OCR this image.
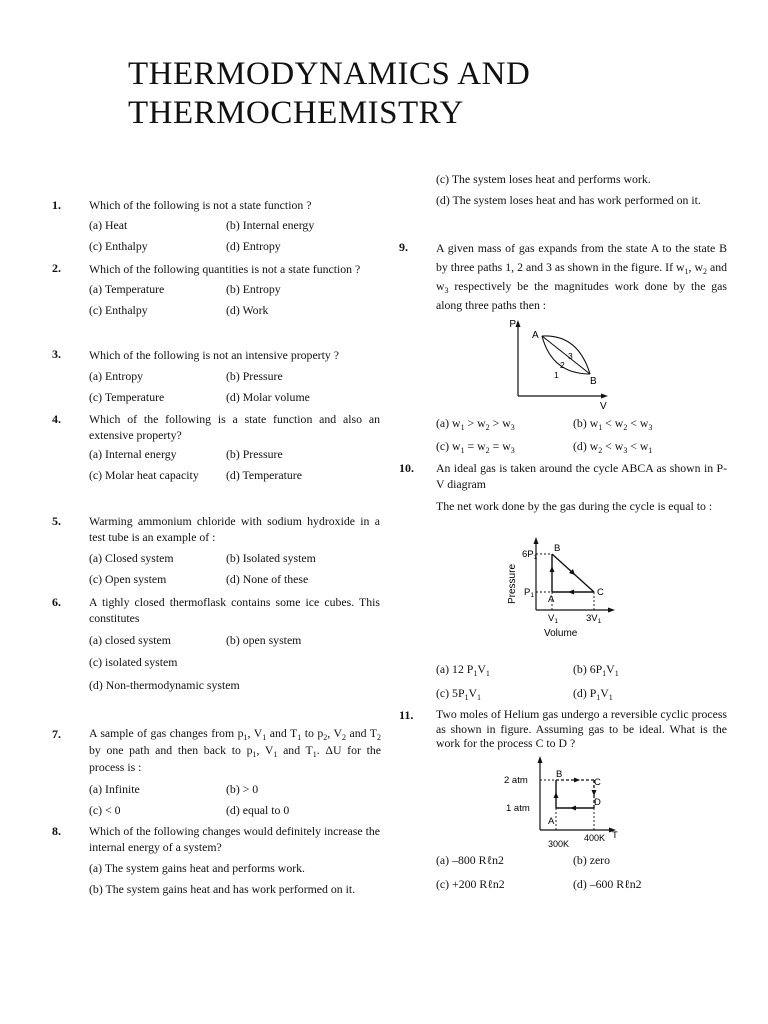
THERMODYNAMICS AND
THERMOCHEMISTRY
1. Which of the following is not a state function ?
(a) Heat	(b) Internal energy
(c) Enthalpy	(d) Entropy
2. Which of the following quantities is not a state function ?
(a) Temperature	(b) Entropy
(c) Enthalpy	(d) Work
3. Which of the following is not an intensive property ?
(a) Entropy	(b) Pressure
(c) Temperature	(d) Molar volume
4. Which of the following is a state function and also an extensive property?
(a) Internal energy	(b) Pressure
(c) Molar heat capacity (d) Temperature
5. Warming ammonium chloride with sodium hydroxide in a test tube is an example of :
(a) Closed system	(b) Isolated system
(c) Open system	(d) None of these
6. A tighly closed thermoflask contains some ice cubes. This constitutes
(a) closed system	(b) open system
(c) isolated system
(d) Non-thermodynamic system
7. A sample of gas changes from $p_1$, $V_1$ and $T_1$ to $p_2$, $V_2$ and $T_2$ by one path and then back to $p_1$, $V_1$ and $T_1$. ΔU for the process is :
(a) Infinite	(b) > 0
(c) < 0	(d) equal to 0
8. Which of the following changes would definitely increase the internal energy of a system?
(a) The system gains heat and performs work.
(b) The system gains heat and has work performed on it.
(c) The system loses heat and performs work.
(d) The system loses heat and has work performed on it.
9. A given mass of gas expands from the state A to the state B by three paths 1, 2 and 3 as shown in the figure. If $w_1$, $w_2$ and $w_3$ respectively be the magnitudes work done by the gas along three paths then :
P
V
A
B
1
2
3
(a) $w_1 > w_2 > w_3$	(b) $w_1 < w_2 < w_3$
(c) $w_1 = w_2 = w_3$	(d) $w_2 < w_3 < w_1$
10. An ideal gas is taken around the cycle ABCA as shown in P-V diagram
The net work done by the gas during the cycle is equal to :
$6P_1$
$P_1$
$V_1$	$3V_1$
B
C
A
Volume
Pressure
(a) 12 $P_1V_1$	(b) $6P_1V_1$
(c) $5P_1V_1$	(d) $P_1V_1$
11. Two moles of Helium gas undergo a reversible cyclic process as shown in figure. Assuming gas to be ideal. What is the work for the process C to D ?
2 atm
1 atm
B
C
D
A
300K
400K T
(a) –800 Rℓn2	(b) zero
(c) +200 Rℓn2	(d) –600 Rℓn2
